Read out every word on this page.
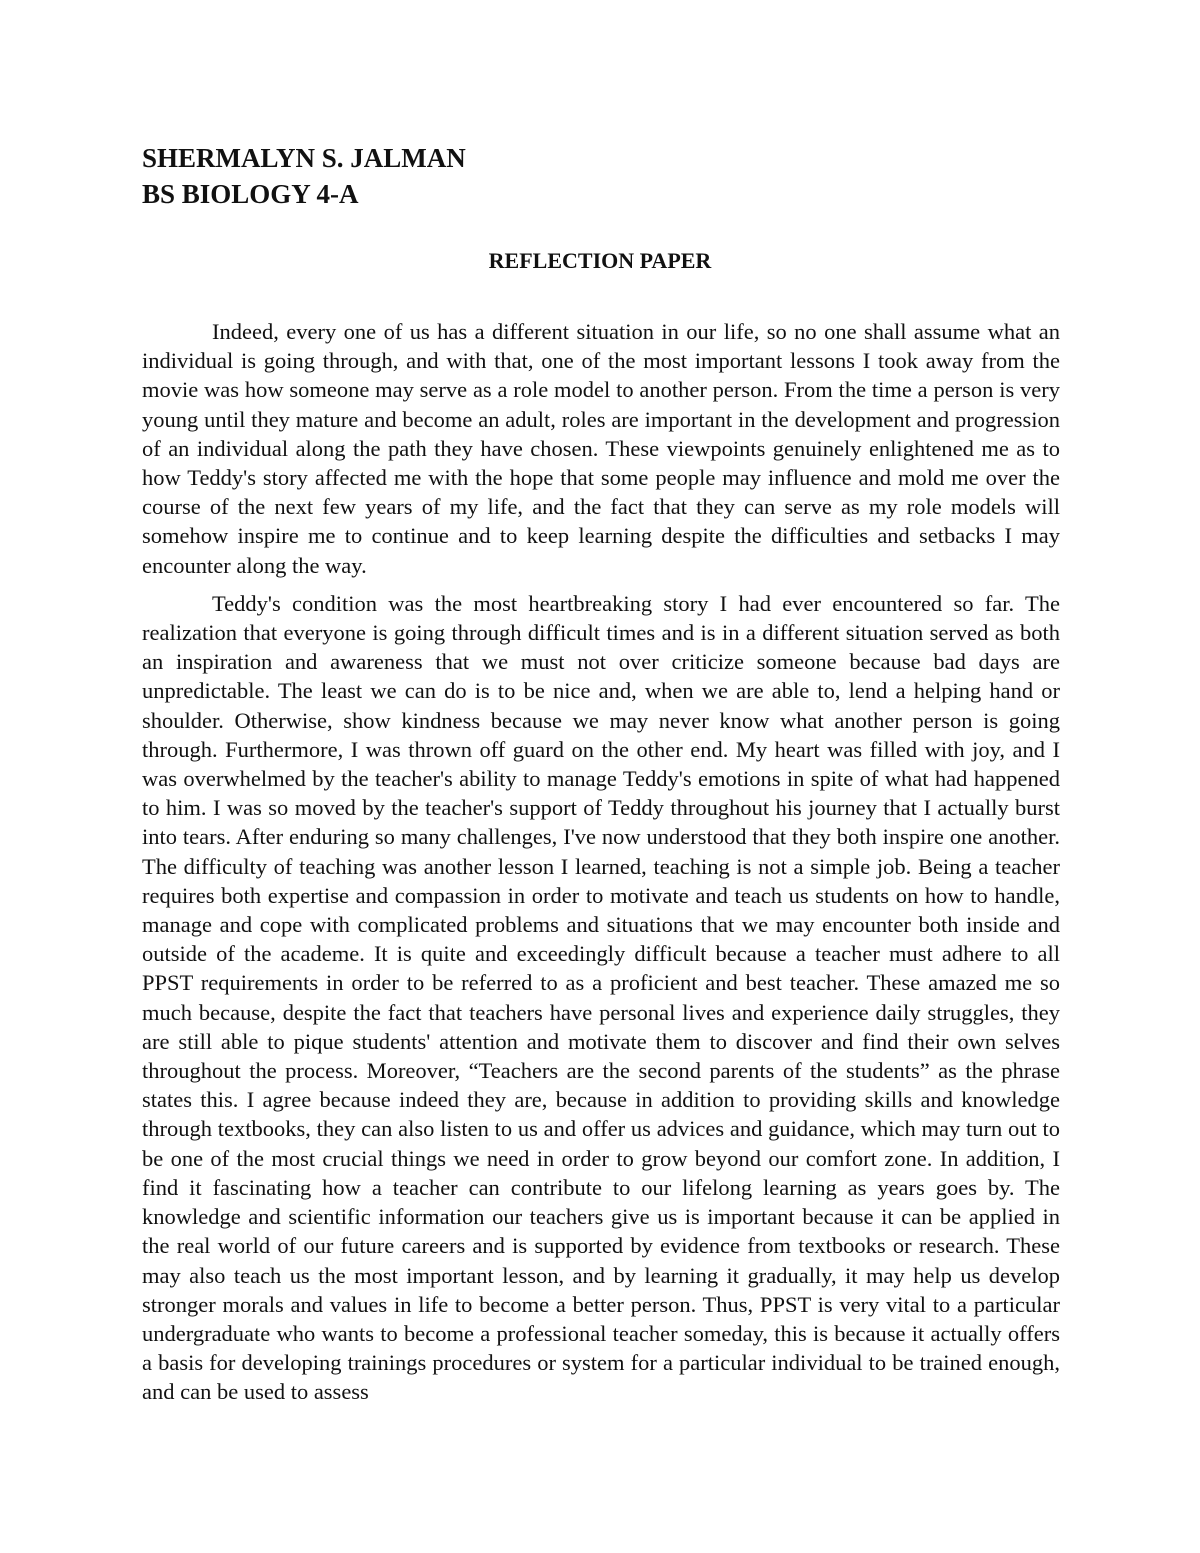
SHERMALYN S. JALMAN
BS BIOLOGY 4-A
REFLECTION PAPER

Indeed, every one of us has a different situation in our life, so no one shall assume what an individual is going through, and with that, one of the most important lessons I took away from the movie was how someone may serve as a role model to another person. From the time a person is very young until they mature and become an adult, roles are important in the development and progression of an individual along the path they have chosen. These viewpoints genuinely enlightened me as to how Teddy's story affected me with the hope that some people may influence and mold me over the course of the next few years of my life, and the fact that they can serve as my role models will somehow inspire me to continue and to keep learning despite the difficulties and setbacks I may encounter along the way.

Teddy's condition was the most heartbreaking story I had ever encountered so far. The realization that everyone is going through difficult times and is in a different situation served as both an inspiration and awareness that we must not over criticize someone because bad days are unpredictable. The least we can do is to be nice and, when we are able to, lend a helping hand or shoulder. Otherwise, show kindness because we may never know what another person is going through. Furthermore, I was thrown off guard on the other end. My heart was filled with joy, and I was overwhelmed by the teacher's ability to manage Teddy's emotions in spite of what had happened to him. I was so moved by the teacher's support of Teddy throughout his journey that I actually burst into tears. After enduring so many challenges, I've now understood that they both inspire one another. The difficulty of teaching was another lesson I learned, teaching is not a simple job. Being a teacher requires both expertise and compassion in order to motivate and teach us students on how to handle, manage and cope with complicated problems and situations that we may encounter both inside and outside of the academe. It is quite and exceedingly difficult because a teacher must adhere to all PPST requirements in order to be referred to as a proficient and best teacher. These amazed me so much because, despite the fact that teachers have personal lives and experience daily struggles, they are still able to pique students' attention and motivate them to discover and find their own selves throughout the process. Moreover, “Teachers are the second parents of the students” as the phrase states this. I agree because indeed they are, because in addition to providing skills and knowledge through textbooks, they can also listen to us and offer us advices and guidance, which may turn out to be one of the most crucial things we need in order to grow beyond our comfort zone. In addition, I find it fascinating how a teacher can contribute to our lifelong learning as years goes by. The knowledge and scientific information our teachers give us is important because it can be applied in the real world of our future careers and is supported by evidence from textbooks or research. These may also teach us the most important lesson, and by learning it gradually, it may help us develop stronger morals and values in life to become a better person. Thus, PPST is very vital to a particular undergraduate who wants to become a professional teacher someday, this is because it actually offers a basis for developing trainings procedures or system for a particular individual to be trained enough, and can be used to assess
